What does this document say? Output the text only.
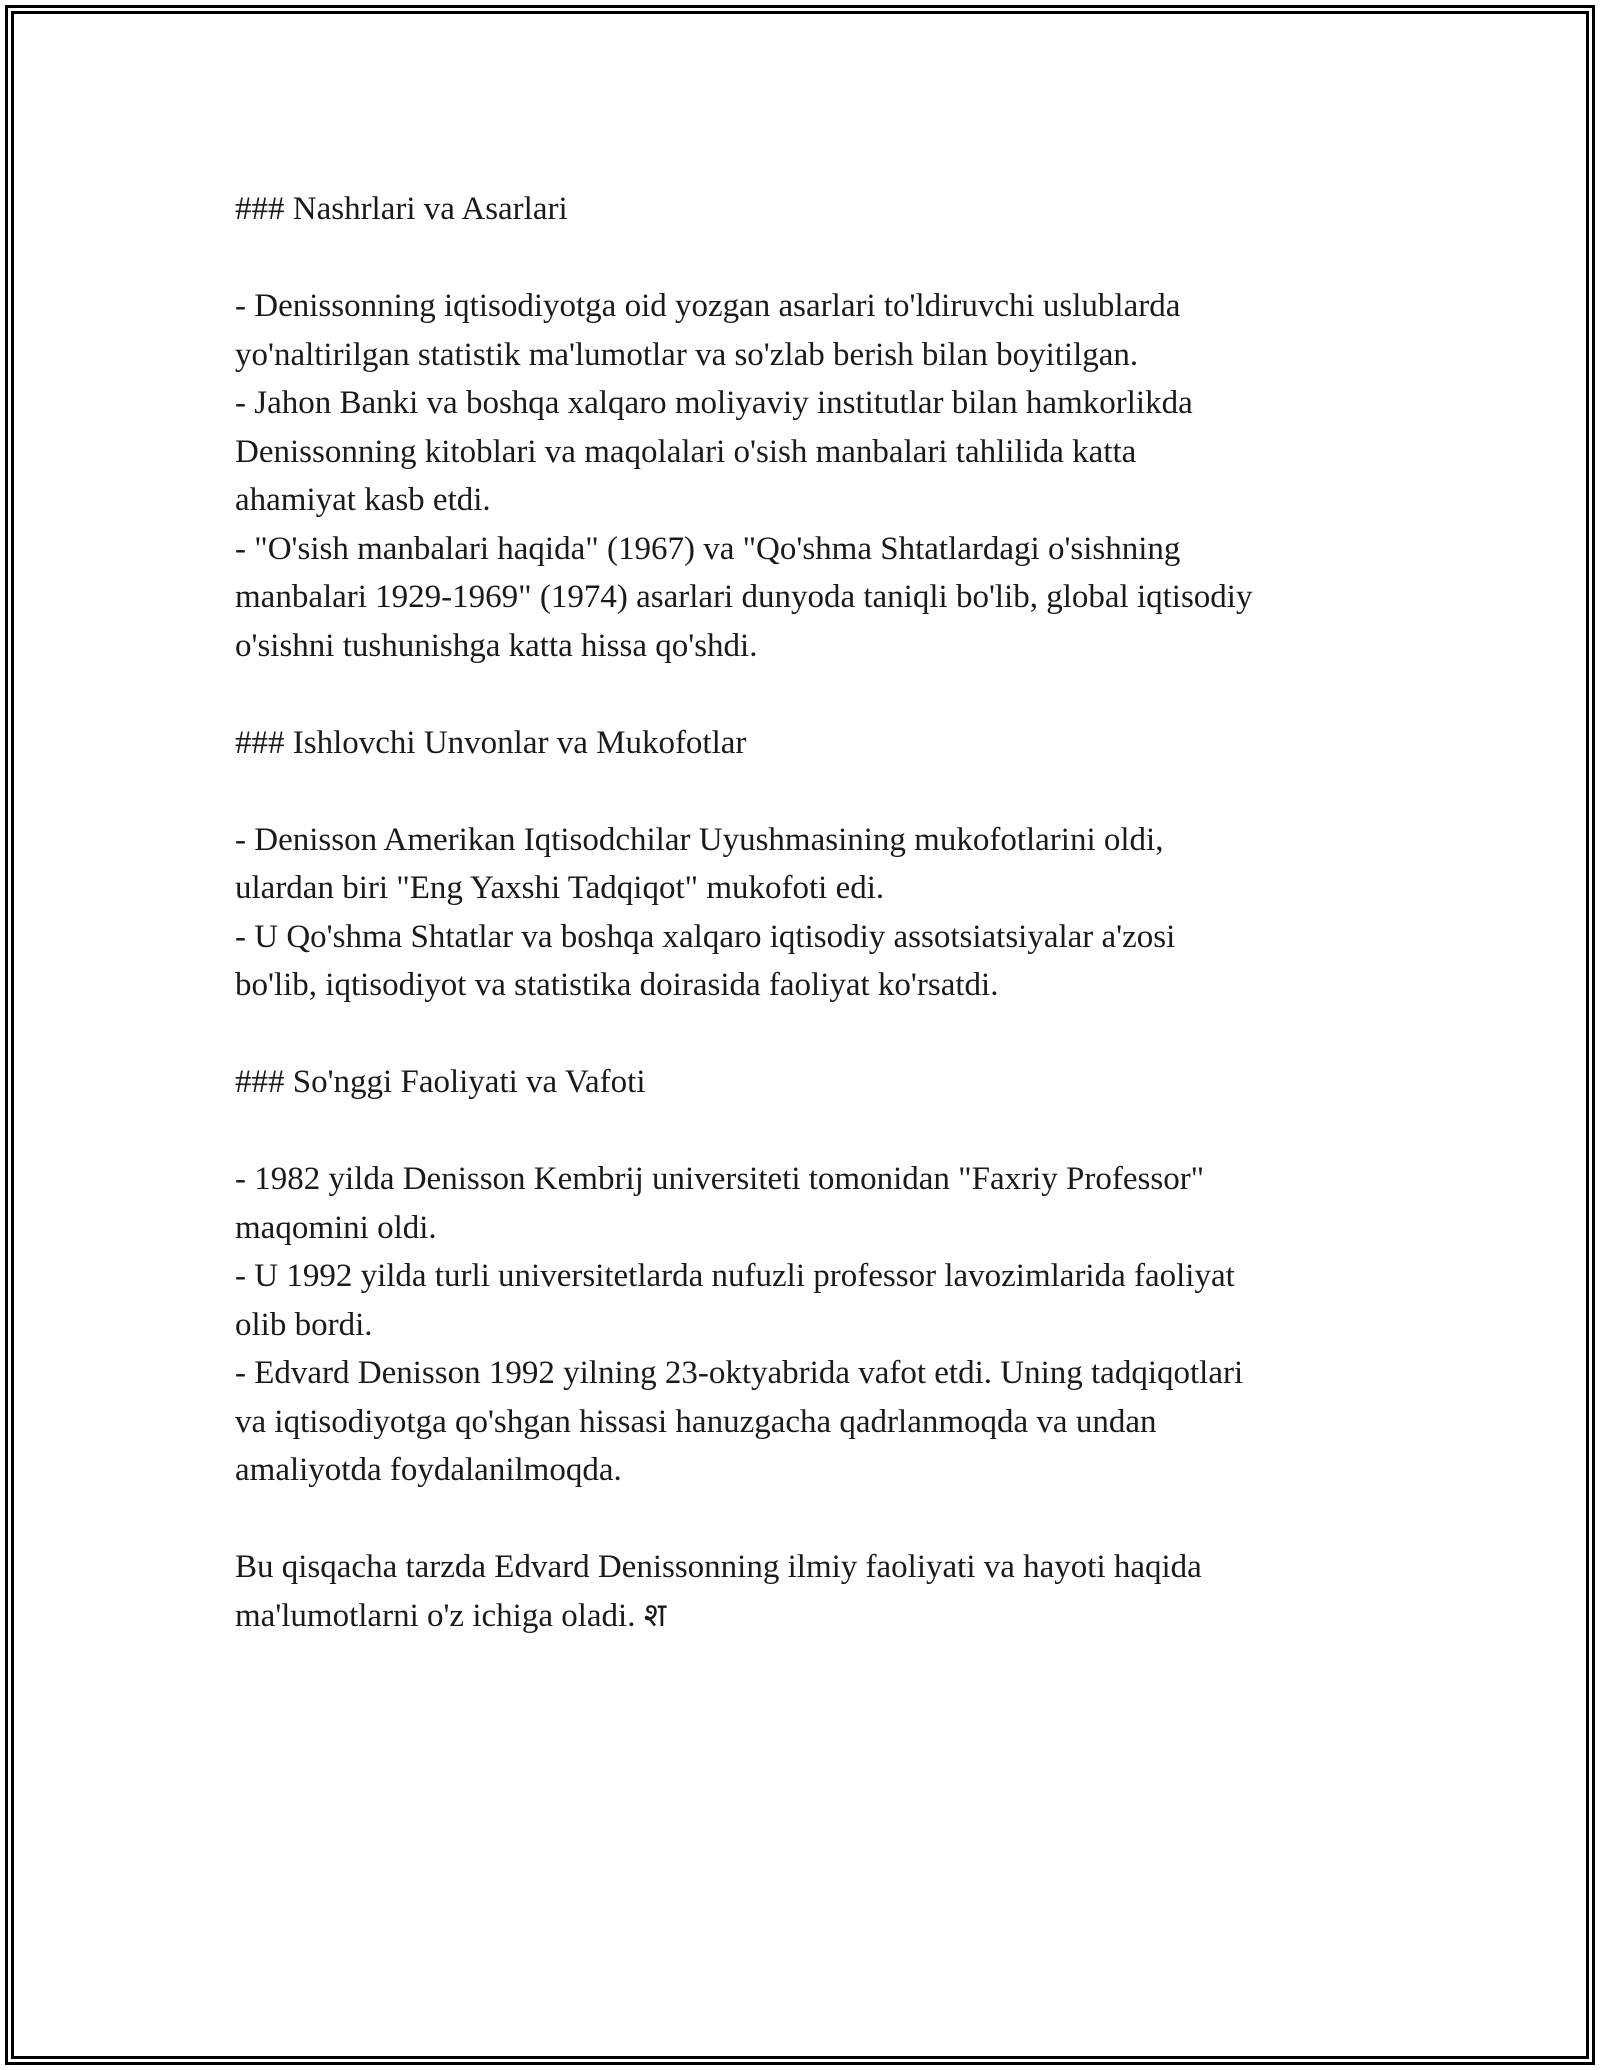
### Nashrlari va Asarlari

- Denissonning iqtisodiyotga oid yozgan asarlari to'ldiruvchi uslublarda

yo'naltirilgan statistik ma'lumotlar va so'zlab berish bilan boyitilgan.

- Jahon Banki va boshqa xalqaro moliyaviy institutlar bilan hamkorlikda

Denissonning kitoblari va maqolalari o'sish manbalari tahlilida katta

ahamiyat kasb etdi.

- "O'sish manbalari haqida" (1967) va "Qo'shma Shtatlardagi o'sishning

manbalari 1929-1969" (1974) asarlari dunyoda taniqli bo'lib, global iqtisodiy

o'sishni tushunishga katta hissa qo'shdi.

### Ishlovchi Unvonlar va Mukofotlar

- Denisson Amerikan Iqtisodchilar Uyushmasining mukofotlarini oldi,

ulardan biri "Eng Yaxshi Tadqiqot" mukofoti edi.

- U Qo'shma Shtatlar va boshqa xalqaro iqtisodiy assotsiatsiyalar a'zosi

bo'lib, iqtisodiyot va statistika doirasida faoliyat ko'rsatdi.

### So'nggi Faoliyati va Vafoti

- 1982 yilda Denisson Kembrij universiteti tomonidan "Faxriy Professor"

maqomini oldi.

- U 1992 yilda turli universitetlarda nufuzli professor lavozimlarida faoliyat

olib bordi.

- Edvard Denisson 1992 yilning 23-oktyabrida vafot etdi. Uning tadqiqotlari

va iqtisodiyotga qo'shgan hissasi hanuzgacha qadrlanmoqda va undan

amaliyotda foydalanilmoqda.

Bu qisqacha tarzda Edvard Denissonning ilmiy faoliyati va hayoti haqida

ma'lumotlarni o'z ichiga oladi. श
